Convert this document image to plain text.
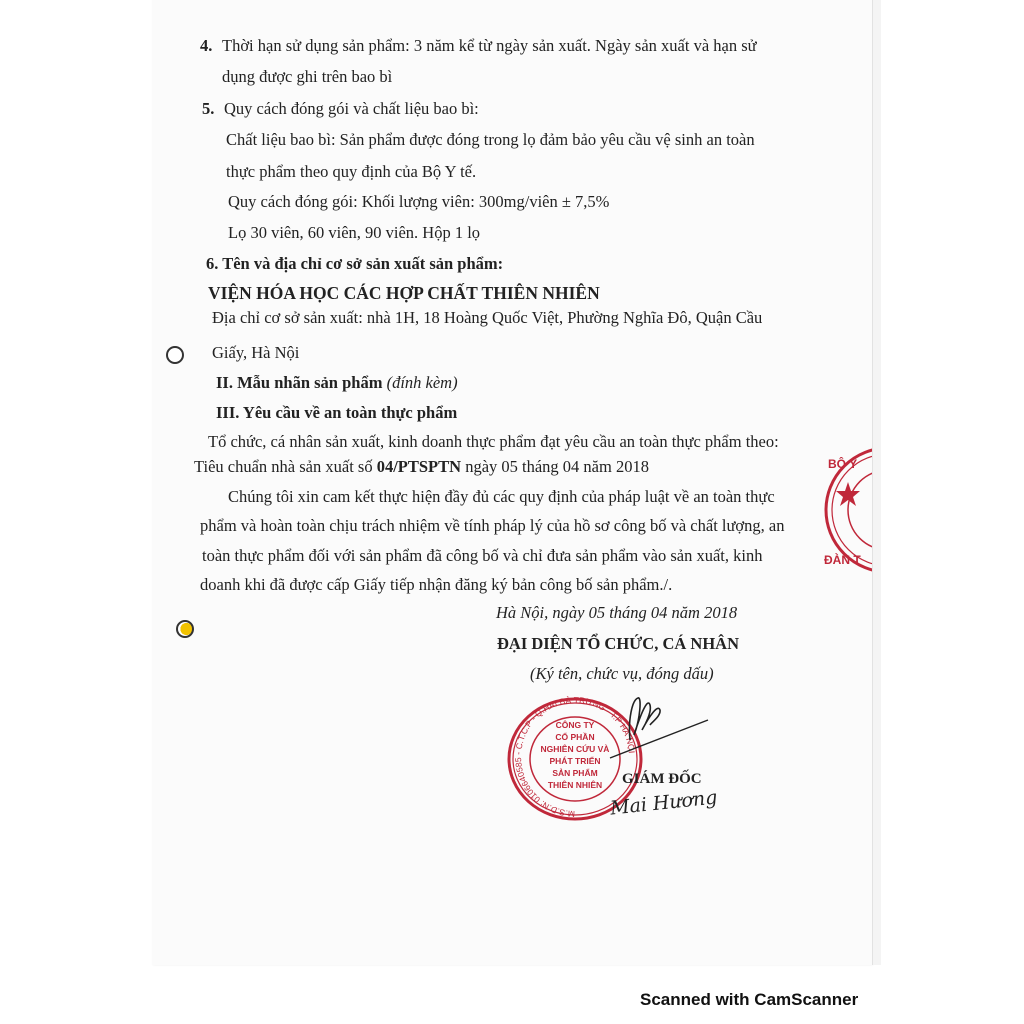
4. Thời hạn sử dụng sản phẩm: 3 năm kể từ ngày sản xuất. Ngày sản xuất và hạn sử
dụng được ghi trên bao bì
5. Quy cách đóng gói và chất liệu bao bì:
Chất liệu bao bì: Sản phẩm được đóng trong lọ đảm bảo yêu cầu vệ sinh an toàn
thực phẩm theo quy định của Bộ Y tế.
Quy cách đóng gói: Khối lượng viên: 300mg/viên ± 7,5%
Lọ 30 viên, 60 viên, 90 viên. Hộp 1 lọ
6. Tên và địa chỉ cơ sở sản xuất sản phẩm:
VIỆN HÓA HỌC CÁC HỢP CHẤT THIÊN NHIÊN
Địa chỉ cơ sở sản xuất: nhà 1H, 18 Hoàng Quốc Việt, Phường Nghĩa Đô, Quận Cầu
Giấy, Hà Nội
II. Mẫu nhãn sản phẩm (đính kèm)
III. Yêu cầu về an toàn thực phẩm
Tổ chức, cá nhân sản xuất, kinh doanh thực phẩm đạt yêu cầu an toàn thực phẩm theo:
Tiêu chuẩn nhà sản xuất số 04/PTSPTN ngày 05 tháng 04 năm 2018
Chúng tôi xin cam kết thực hiện đầy đủ các quy định của pháp luật về an toàn thực
phẩm và hoàn toàn chịu trách nhiệm về tính pháp lý của hồ sơ công bố và chất lượng, an
toàn thực phẩm đối với sản phẩm đã công bố và chỉ đưa sản phẩm vào sản xuất, kinh
doanh khi đã được cấp Giấy tiếp nhận đăng ký bản công bố sản phẩm./.
Hà Nội, ngày 05 tháng 04 năm 2018
ĐẠI DIỆN TỔ CHỨC, CÁ NHÂN
(Ký tên, chức vụ, đóng dấu)
M.S.D.N: 0106640585 - C.T.C.P - Q.HAI BÀ TRƯNG - T.P HÀ NỘI
CÔNG TY
CỔ PHẦN
NGHIÊN CỨU VÀ
PHÁT TRIỂN
SẢN PHẨM
THIÊN NHIÊN GIÁM ĐỐC
Mai Hương
BỘ Y
ĐÀN T
Scanned with CamScanner
